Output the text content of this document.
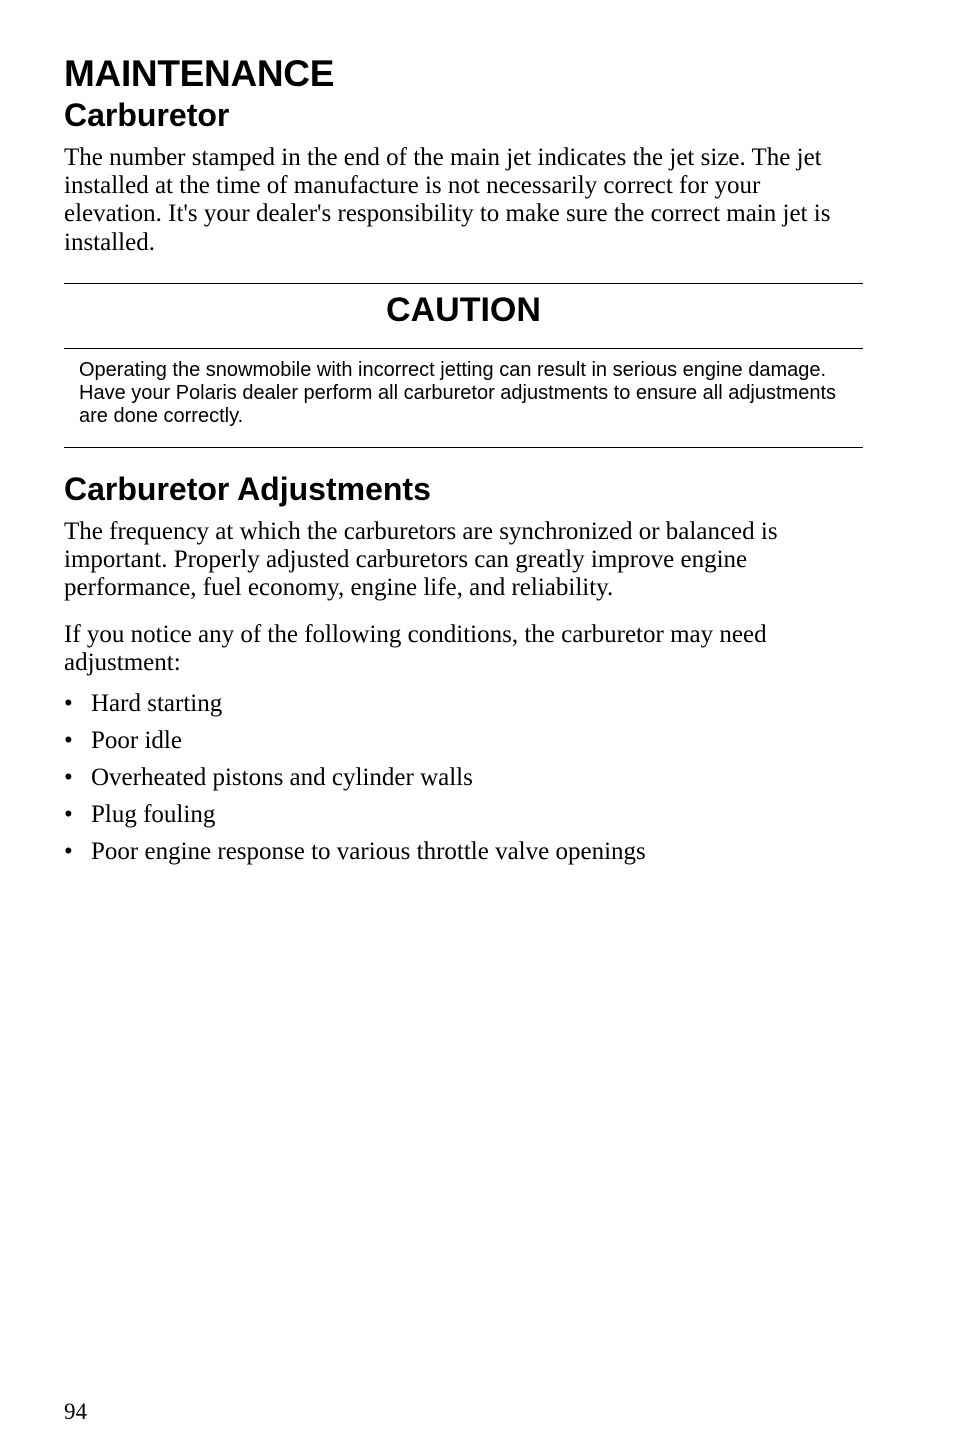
MAINTENANCE
Carburetor

The number stamped in the end of the main jet indicates the jet size. The jet installed at the time of manufacture is not necessarily correct for your elevation. It's your dealer's responsibility to make sure the correct main jet is installed.

CAUTION

Operating the snowmobile with incorrect jetting can result in serious engine damage. Have your Polaris dealer perform all carburetor adjustments to ensure all adjustments are done correctly.

Carburetor Adjustments

The frequency at which the carburetors are synchronized or balanced is important. Properly adjusted carburetors can greatly improve engine performance, fuel economy, engine life, and reliability.

If you notice any of the following conditions, the carburetor may need adjustment:

• Hard starting
• Poor idle
• Overheated pistons and cylinder walls
• Plug fouling
• Poor engine response to various throttle valve openings
94
